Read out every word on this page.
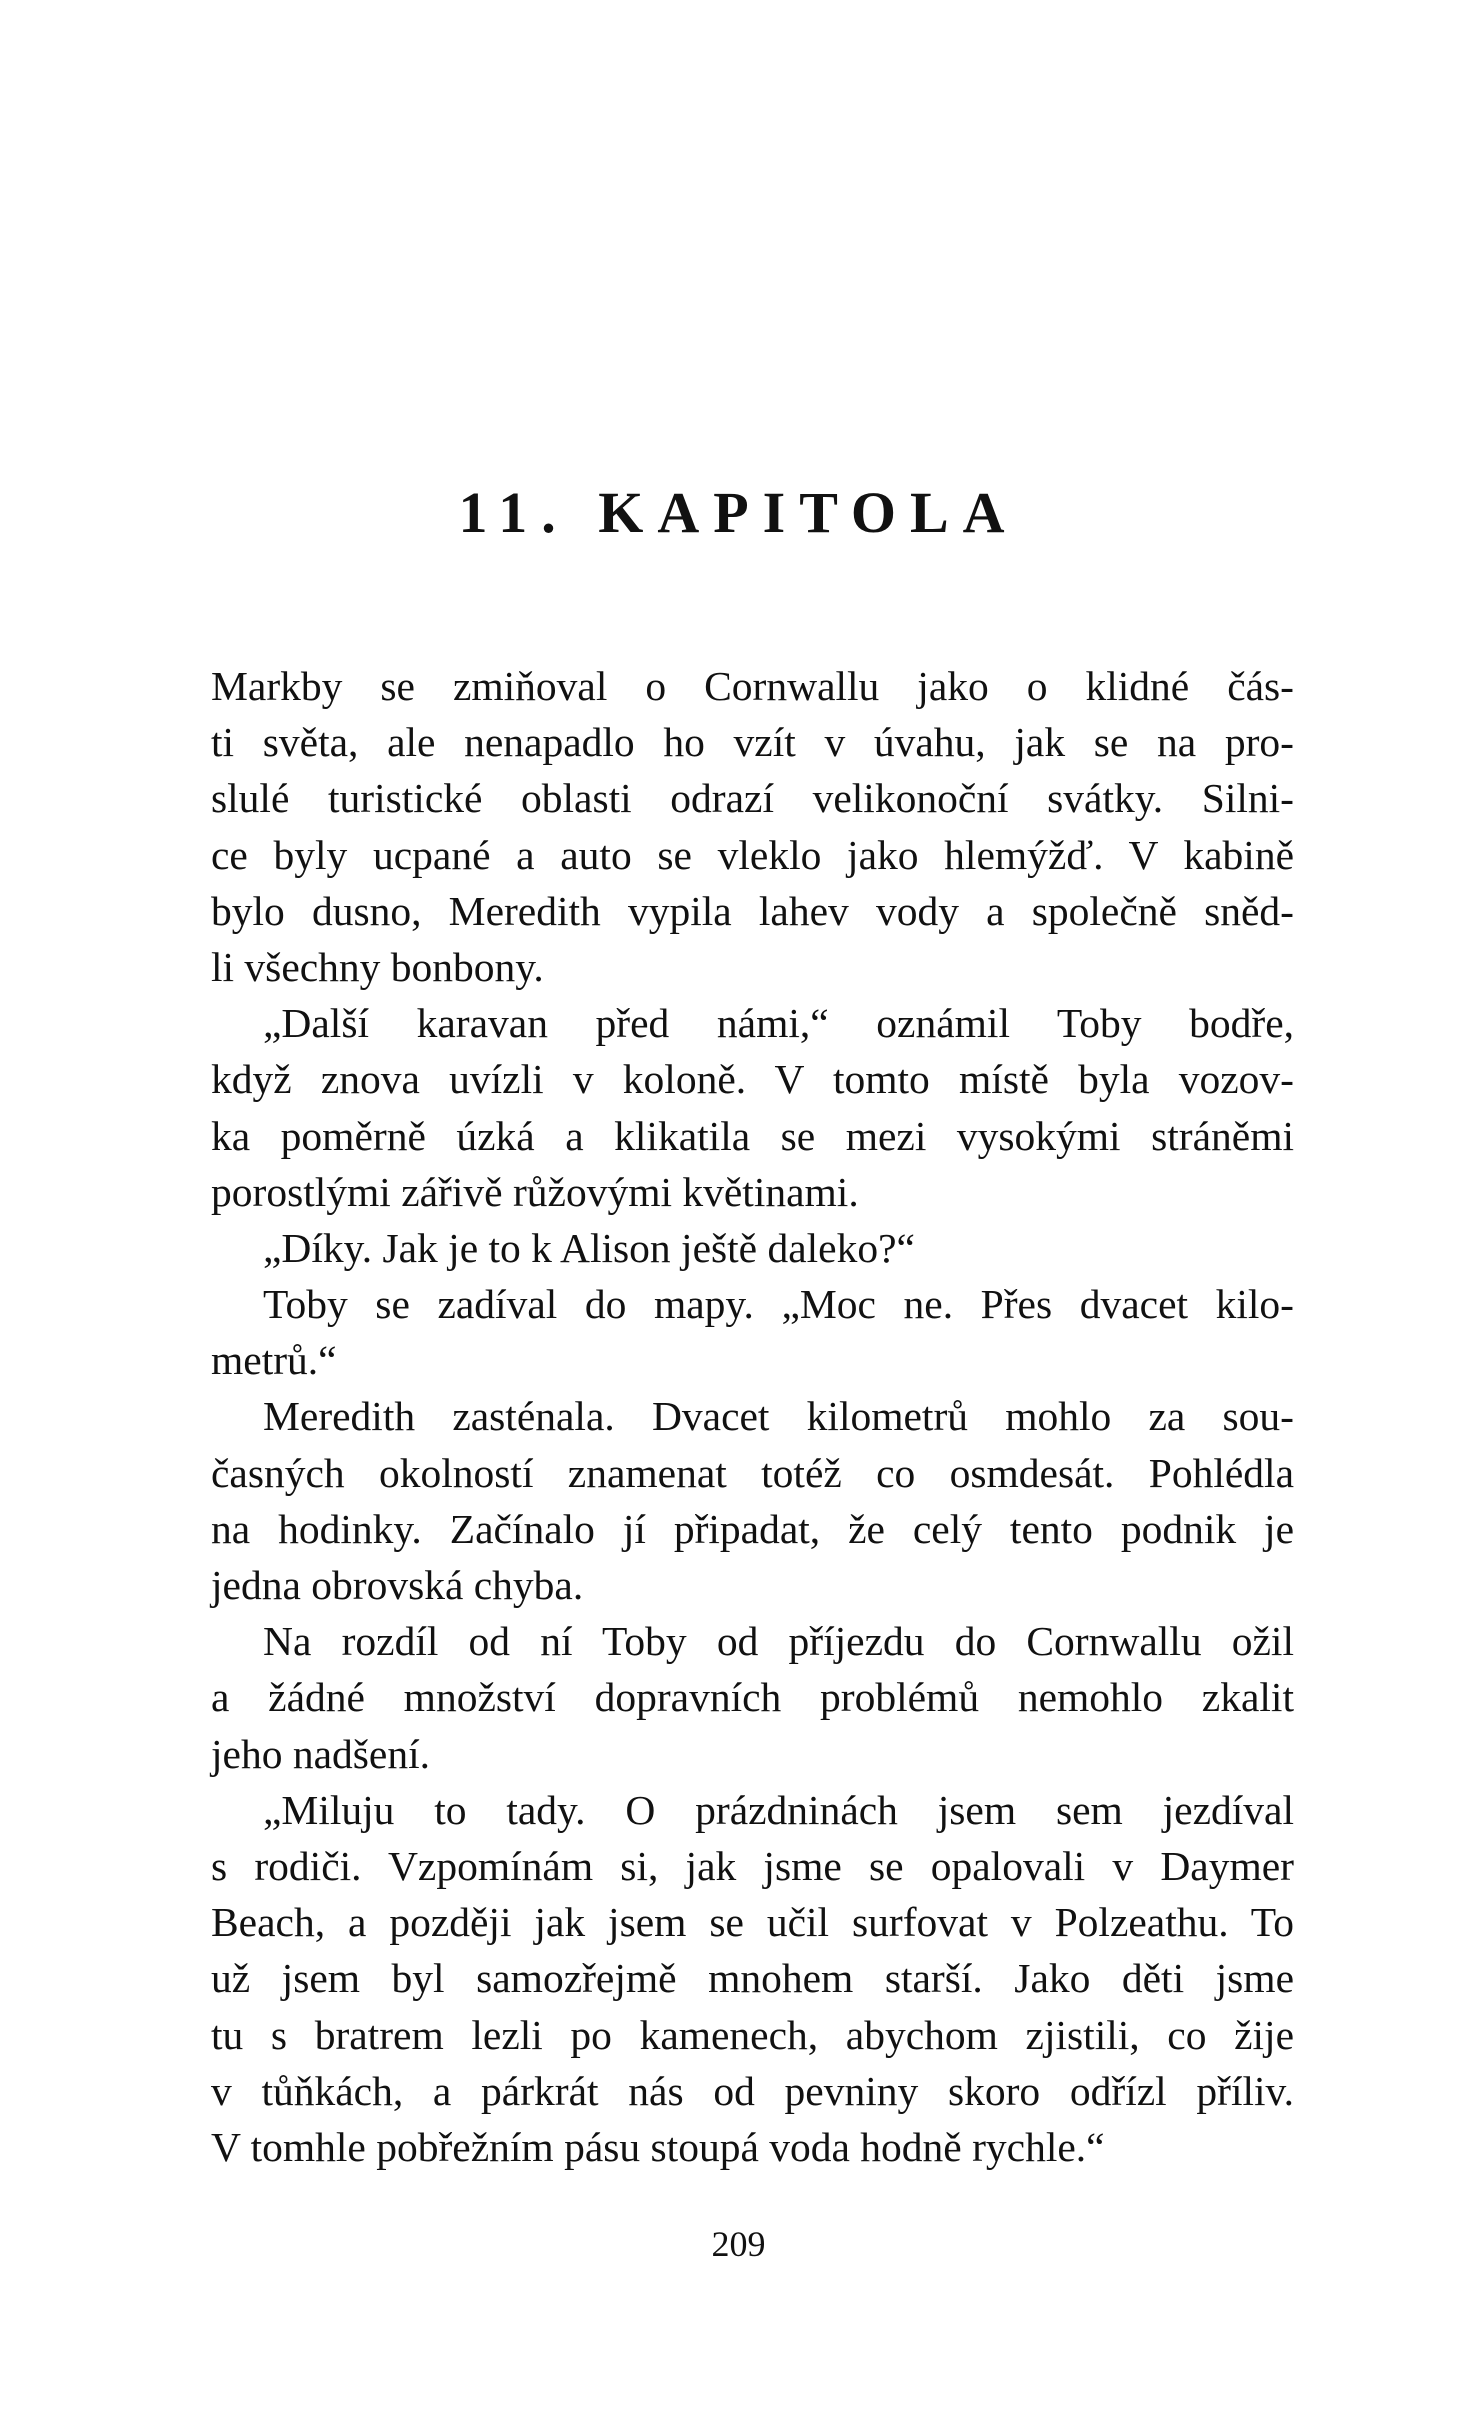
11. KAPITOLA
Markby se zmiňoval o Cornwallu jako o klidné čás-
ti světa, ale nenapadlo ho vzít v úvahu, jak se na pro-
slulé turistické oblasti odrazí velikonoční svátky. Silni-
ce byly ucpané a auto se vleklo jako hlemýžď. V kabině
bylo dusno, Meredith vypila lahev vody a společně sněd-
li všechny bonbony.
„Další karavan před námi,“ oznámil Toby bodře,
když znova uvízli v koloně. V tomto místě byla vozov-
ka poměrně úzká a klikatila se mezi vysokými stráněmi
porostlými zářivě růžovými květinami.
„Díky. Jak je to k Alison ještě daleko?“
Toby se zadíval do mapy. „Moc ne. Přes dvacet kilo-
metrů.“
Meredith zasténala. Dvacet kilometrů mohlo za sou-
časných okolností znamenat totéž co osmdesát. Pohlédla
na hodinky. Začínalo jí připadat, že celý tento podnik je
jedna obrovská chyba.
Na rozdíl od ní Toby od příjezdu do Cornwallu ožil
a žádné množství dopravních problémů nemohlo zkalit
jeho nadšení.
„Miluju to tady. O prázdninách jsem sem jezdíval
s rodiči. Vzpomínám si, jak jsme se opalovali v Daymer
Beach, a později jak jsem se učil surfovat v Polzeathu. To
už jsem byl samozřejmě mnohem starší. Jako děti jsme
tu s bratrem lezli po kamenech, abychom zjistili, co žije
v tůňkách, a párkrát nás od pevniny skoro odřízl příliv.
V tomhle pobřežním pásu stoupá voda hodně rychle.“
209
